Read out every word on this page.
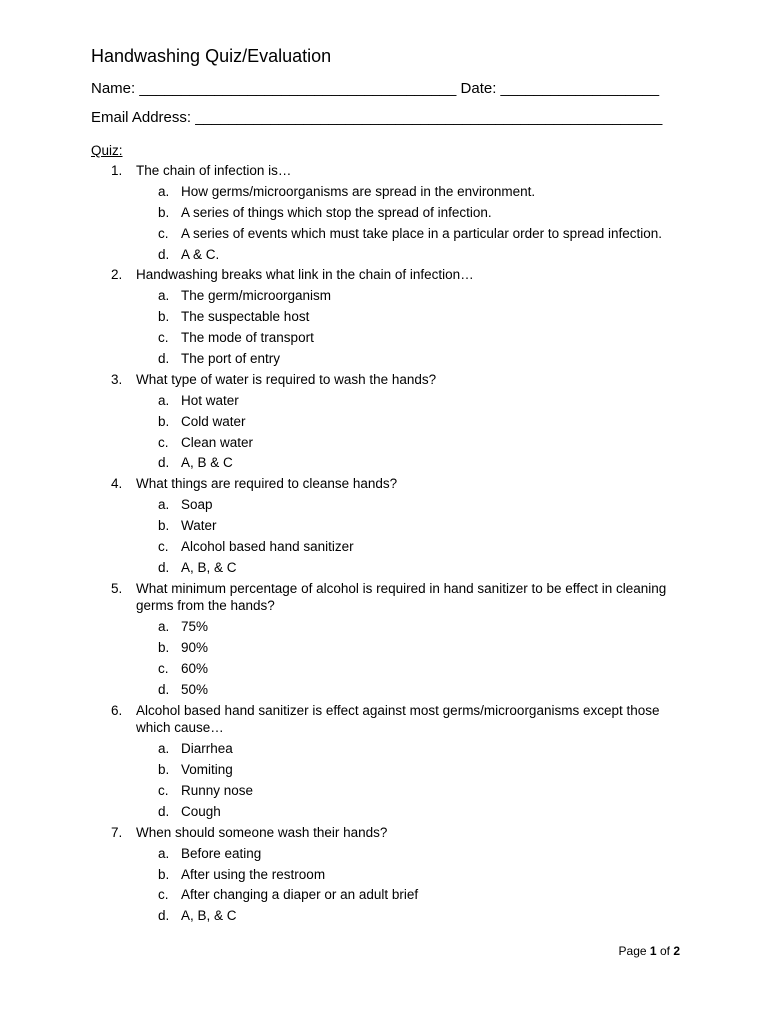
Handwashing Quiz/Evaluation
Name: ______________________________________ Date: ___________________
Email Address: ________________________________________________________
Quiz:
1. The chain of infection is…
a. How germs/microorganisms are spread in the environment.
b. A series of things which stop the spread of infection.
c. A series of events which must take place in a particular order to spread infection.
d. A & C.
2. Handwashing breaks what link in the chain of infection…
a. The germ/microorganism
b. The suspectable host
c. The mode of transport
d. The port of entry
3. What type of water is required to wash the hands?
a. Hot water
b. Cold water
c. Clean water
d. A, B & C
4. What things are required to cleanse hands?
a. Soap
b. Water
c. Alcohol based hand sanitizer
d. A, B, & C
5. What minimum percentage of alcohol is required in hand sanitizer to be effect in cleaning germs from the hands?
a. 75%
b. 90%
c. 60%
d. 50%
6. Alcohol based hand sanitizer is effect against most germs/microorganisms except those which cause…
a. Diarrhea
b. Vomiting
c. Runny nose
d. Cough
7. When should someone wash their hands?
a. Before eating
b. After using the restroom
c. After changing a diaper or an adult brief
d. A, B, & C
Page 1 of 2
